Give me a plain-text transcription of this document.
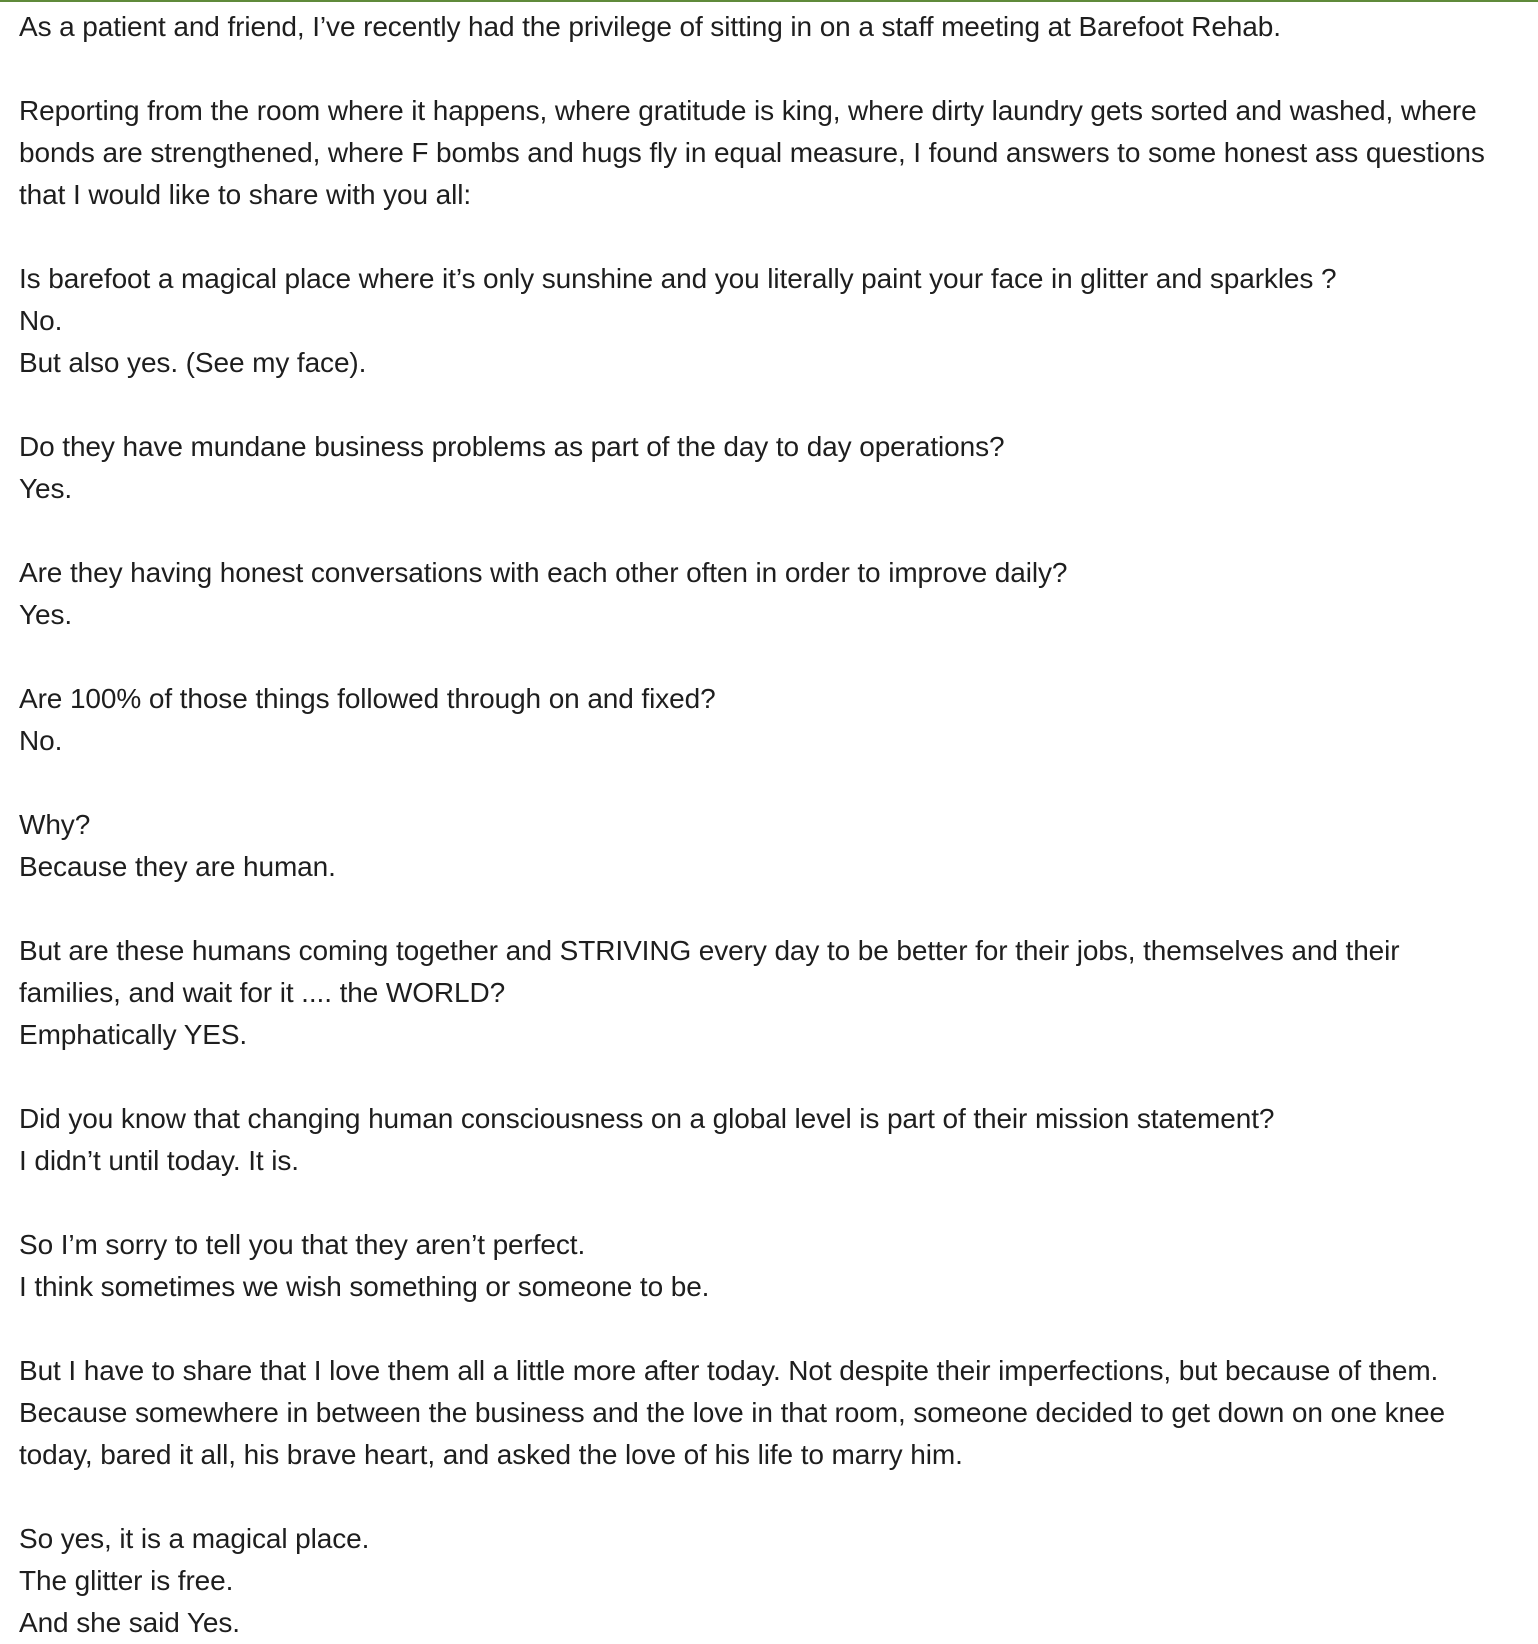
As a patient and friend, I’ve recently had the privilege of sitting in on a staff meeting at Barefoot Rehab.

Reporting from the room where it happens, where gratitude is king, where dirty laundry gets sorted and washed, where
bonds are strengthened, where F bombs and hugs fly in equal measure, I found answers to some honest ass questions
that I would like to share with you all:

Is barefoot a magical place where it’s only sunshine and you literally paint your face in glitter and sparkles ?
No.
But also yes. (See my face).

Do they have mundane business problems as part of the day to day operations?
Yes.

Are they having honest conversations with each other often in order to improve daily?
Yes.

Are 100% of those things followed through on and fixed?
No.

Why?
Because they are human.

But are these humans coming together and STRIVING every day to be better for their jobs, themselves and their
families, and wait for it .... the WORLD?
Emphatically YES.

Did you know that changing human consciousness on a global level is part of their mission statement?
I didn’t until today. It is.

So I’m sorry to tell you that they aren’t perfect.
I think sometimes we wish something or someone to be.

But I have to share that I love them all a little more after today. Not despite their imperfections, but because of them.
Because somewhere in between the business and the love in that room, someone decided to get down on one knee
today, bared it all, his brave heart, and asked the love of his life to marry him.

So yes, it is a magical place.
The glitter is free.
And she said Yes.
